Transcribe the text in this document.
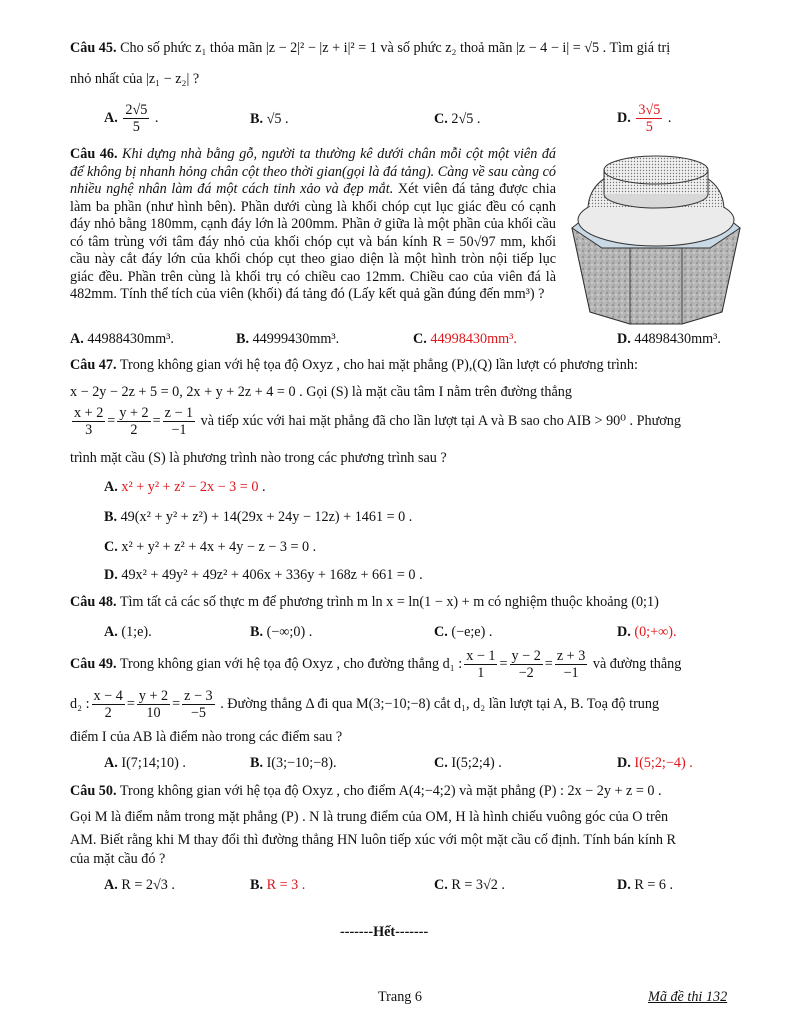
Câu 45. Cho số phức z₁ thỏa mãn |z − 2|² − |z + i|² = 1 và số phức z₂ thoả mãn |z − 4 − i| = √5 . Tìm giá trị
nhỏ nhất của |z₁ − z₂| ?
A. $\frac{2√5}{5}$ .	B. √5 .	C. 2√5 .	D. $\frac{3√5}{5}$ .
Câu 46. Khi dựng nhà bằng gỗ, người ta thường kê dưới chân mỗi cột một viên đá để không bị nhanh hỏng chân cột theo thời gian(gọi là đá tảng). Càng về sau càng có nhiều nghệ nhân làm đá một cách tinh xảo và đẹp mắt. Xét viên đá tảng được chia làm ba phần (như hình bên). Phần dưới cùng là khối chóp cụt lục giác đều có cạnh đáy nhỏ bằng 180mm, cạnh đáy lớn là 200mm. Phần ở giữa là một phần của khối cầu có tâm trùng với tâm đáy nhỏ của khối chóp cụt và bán kính R = 50√97 mm, khối cầu này cắt đáy lớn của khối chóp cụt theo giao diện là một hình tròn nội tiếp lục giác đều. Phần trên cùng là khối trụ có chiều cao 12mm. Chiều cao của viên đá là 482mm. Tính thể tích của viên (khối) đá tảng đó (Lấy kết quả gần đúng đến mm³) ?
A. 44988430mm³.	B. 44999430mm³.	C. 44998430mm³.	D. 44898430mm³.
Câu 47. Trong không gian với hệ tọa độ Oxyz , cho hai mặt phẳng (P),(Q) lần lượt có phương trình:
x − 2y − 2z + 5 = 0, 2x + y + 2z + 4 = 0 . Gọi (S) là mặt cầu tâm I nằm trên đường thẳng
$\frac{x + 2}{3} = \frac{y + 2}{2} = \frac{z - 1}{-1}$ và tiếp xúc với hai mặt phẳng đã cho lần lượt tại A và B sao cho AIB > 90⁰ . Phương
trình mặt cầu (S) là phương trình nào trong các phương trình sau ?
A. x² + y² + z² − 2x − 3 = 0 .
B. 49(x² + y² + z²) + 14(29x + 24y − 12z) + 1461 = 0 .
C. x² + y² + z² + 4x + 4y − z − 3 = 0 .
D. 49x² + 49y² + 49z² + 406x + 336y + 168z + 661 = 0 .
Câu 48. Tìm tất cả các số thực m để phương trình m ln x = ln(1 − x) + m có nghiệm thuộc khoảng (0;1)
A. (1;e).	B. (−∞;0) .	C. (−e;e) .	D. (0;+∞).
Câu 49. Trong không gian với hệ tọa độ Oxyz , cho đường thẳng d₁ : $\frac{x - 1}{1} = \frac{y - 2}{-2} = \frac{z + 3}{-1}$ và đường thẳng
d₂ : $\frac{x - 4}{2} = \frac{y + 2}{10} = \frac{z - 3}{-5}$ . Đường thẳng Δ đi qua M(3;−10;−8) cắt d₁, d₂ lần lượt tại A, B. Toạ độ trung
điểm I của AB là điểm nào trong các điểm sau ?
A. I(7;14;10) .	B. I(3;−10;−8).	C. I(5;2;4) .	D. I(5;2;−4) .
Câu 50. Trong không gian với hệ tọa độ Oxyz , cho điểm A(4;−4;2) và mặt phẳng (P) : 2x − 2y + z = 0 .
Gọi M là điểm nằm trong mặt phẳng (P) . N là trung điểm của OM, H là hình chiếu vuông góc của O trên
AM. Biết rằng khi M thay đổi thì đường thẳng HN luôn tiếp xúc với một mặt cầu cố định. Tính bán kính R
của mặt cầu đó ?
A. R = 2√3 .	B. R = 3 .	C. R = 3√2 .	D. R = 6 .
-------Hết-------
Trang 6	Mã đề thi 132
